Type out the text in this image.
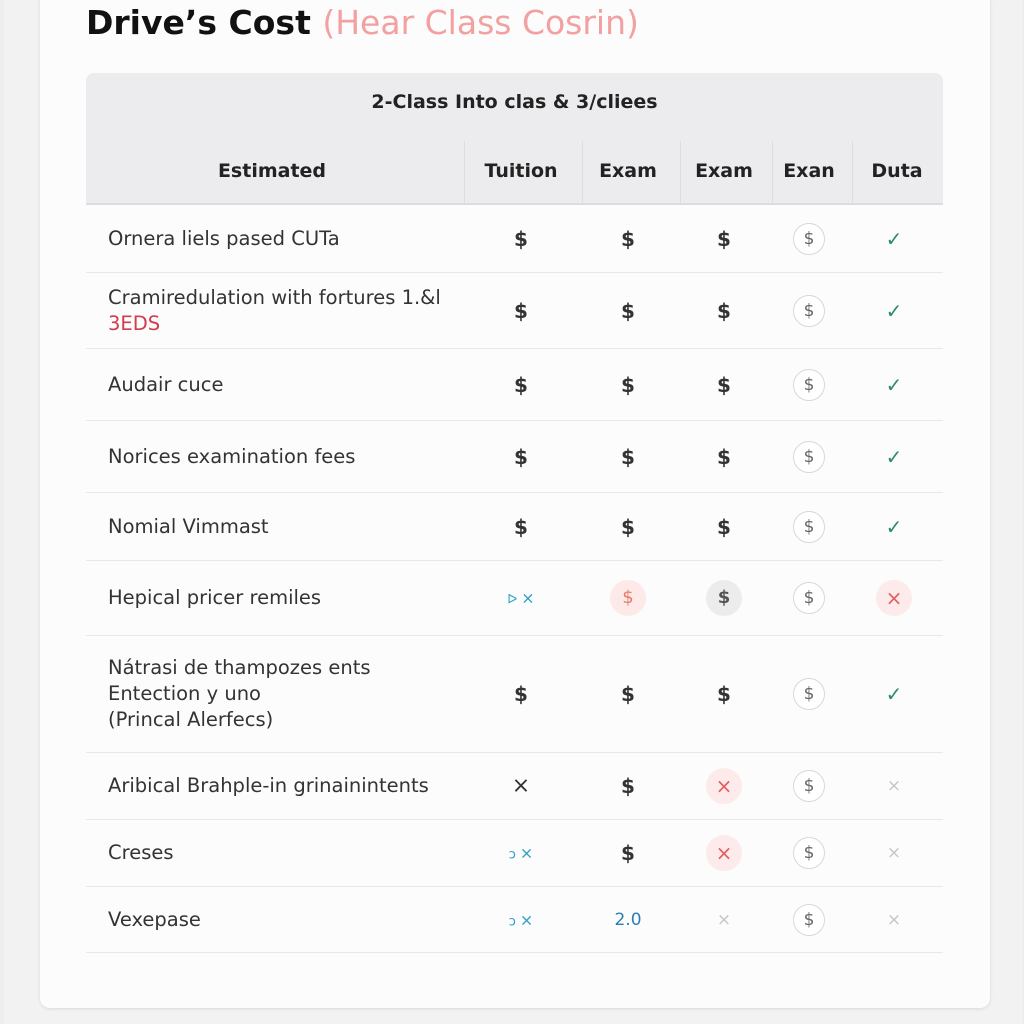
Drive’s Cost (Hear Class Cosrin)
2-Class Into clas & 3/cliees
Estimated	Tuition	Exam	Exam	Exan	Duta
Ornera liels pased CUTa	$	$	$	$	✓
Cramiredulation with fortures 1.&l
3EDS
$	$	$	$	✓
Audair cuce	$	$	$	$	✓
Norices examination fees	$	$	$	$	✓
Nomial Vimmast	$	$	$	$	✓
Hepical pricer remiles	ᐅ ×	$	$	$	×
Nátrasi de thampozes ents
Entection y uno
(Princal Alerfecs)
$	$	$	$	✓
Aribical Brahple-in grinainintents	×	$	×	$	×
Creses	ↄ ×	$	×	$	×
Vexepase	ↄ ×	2.0	×	$	×
